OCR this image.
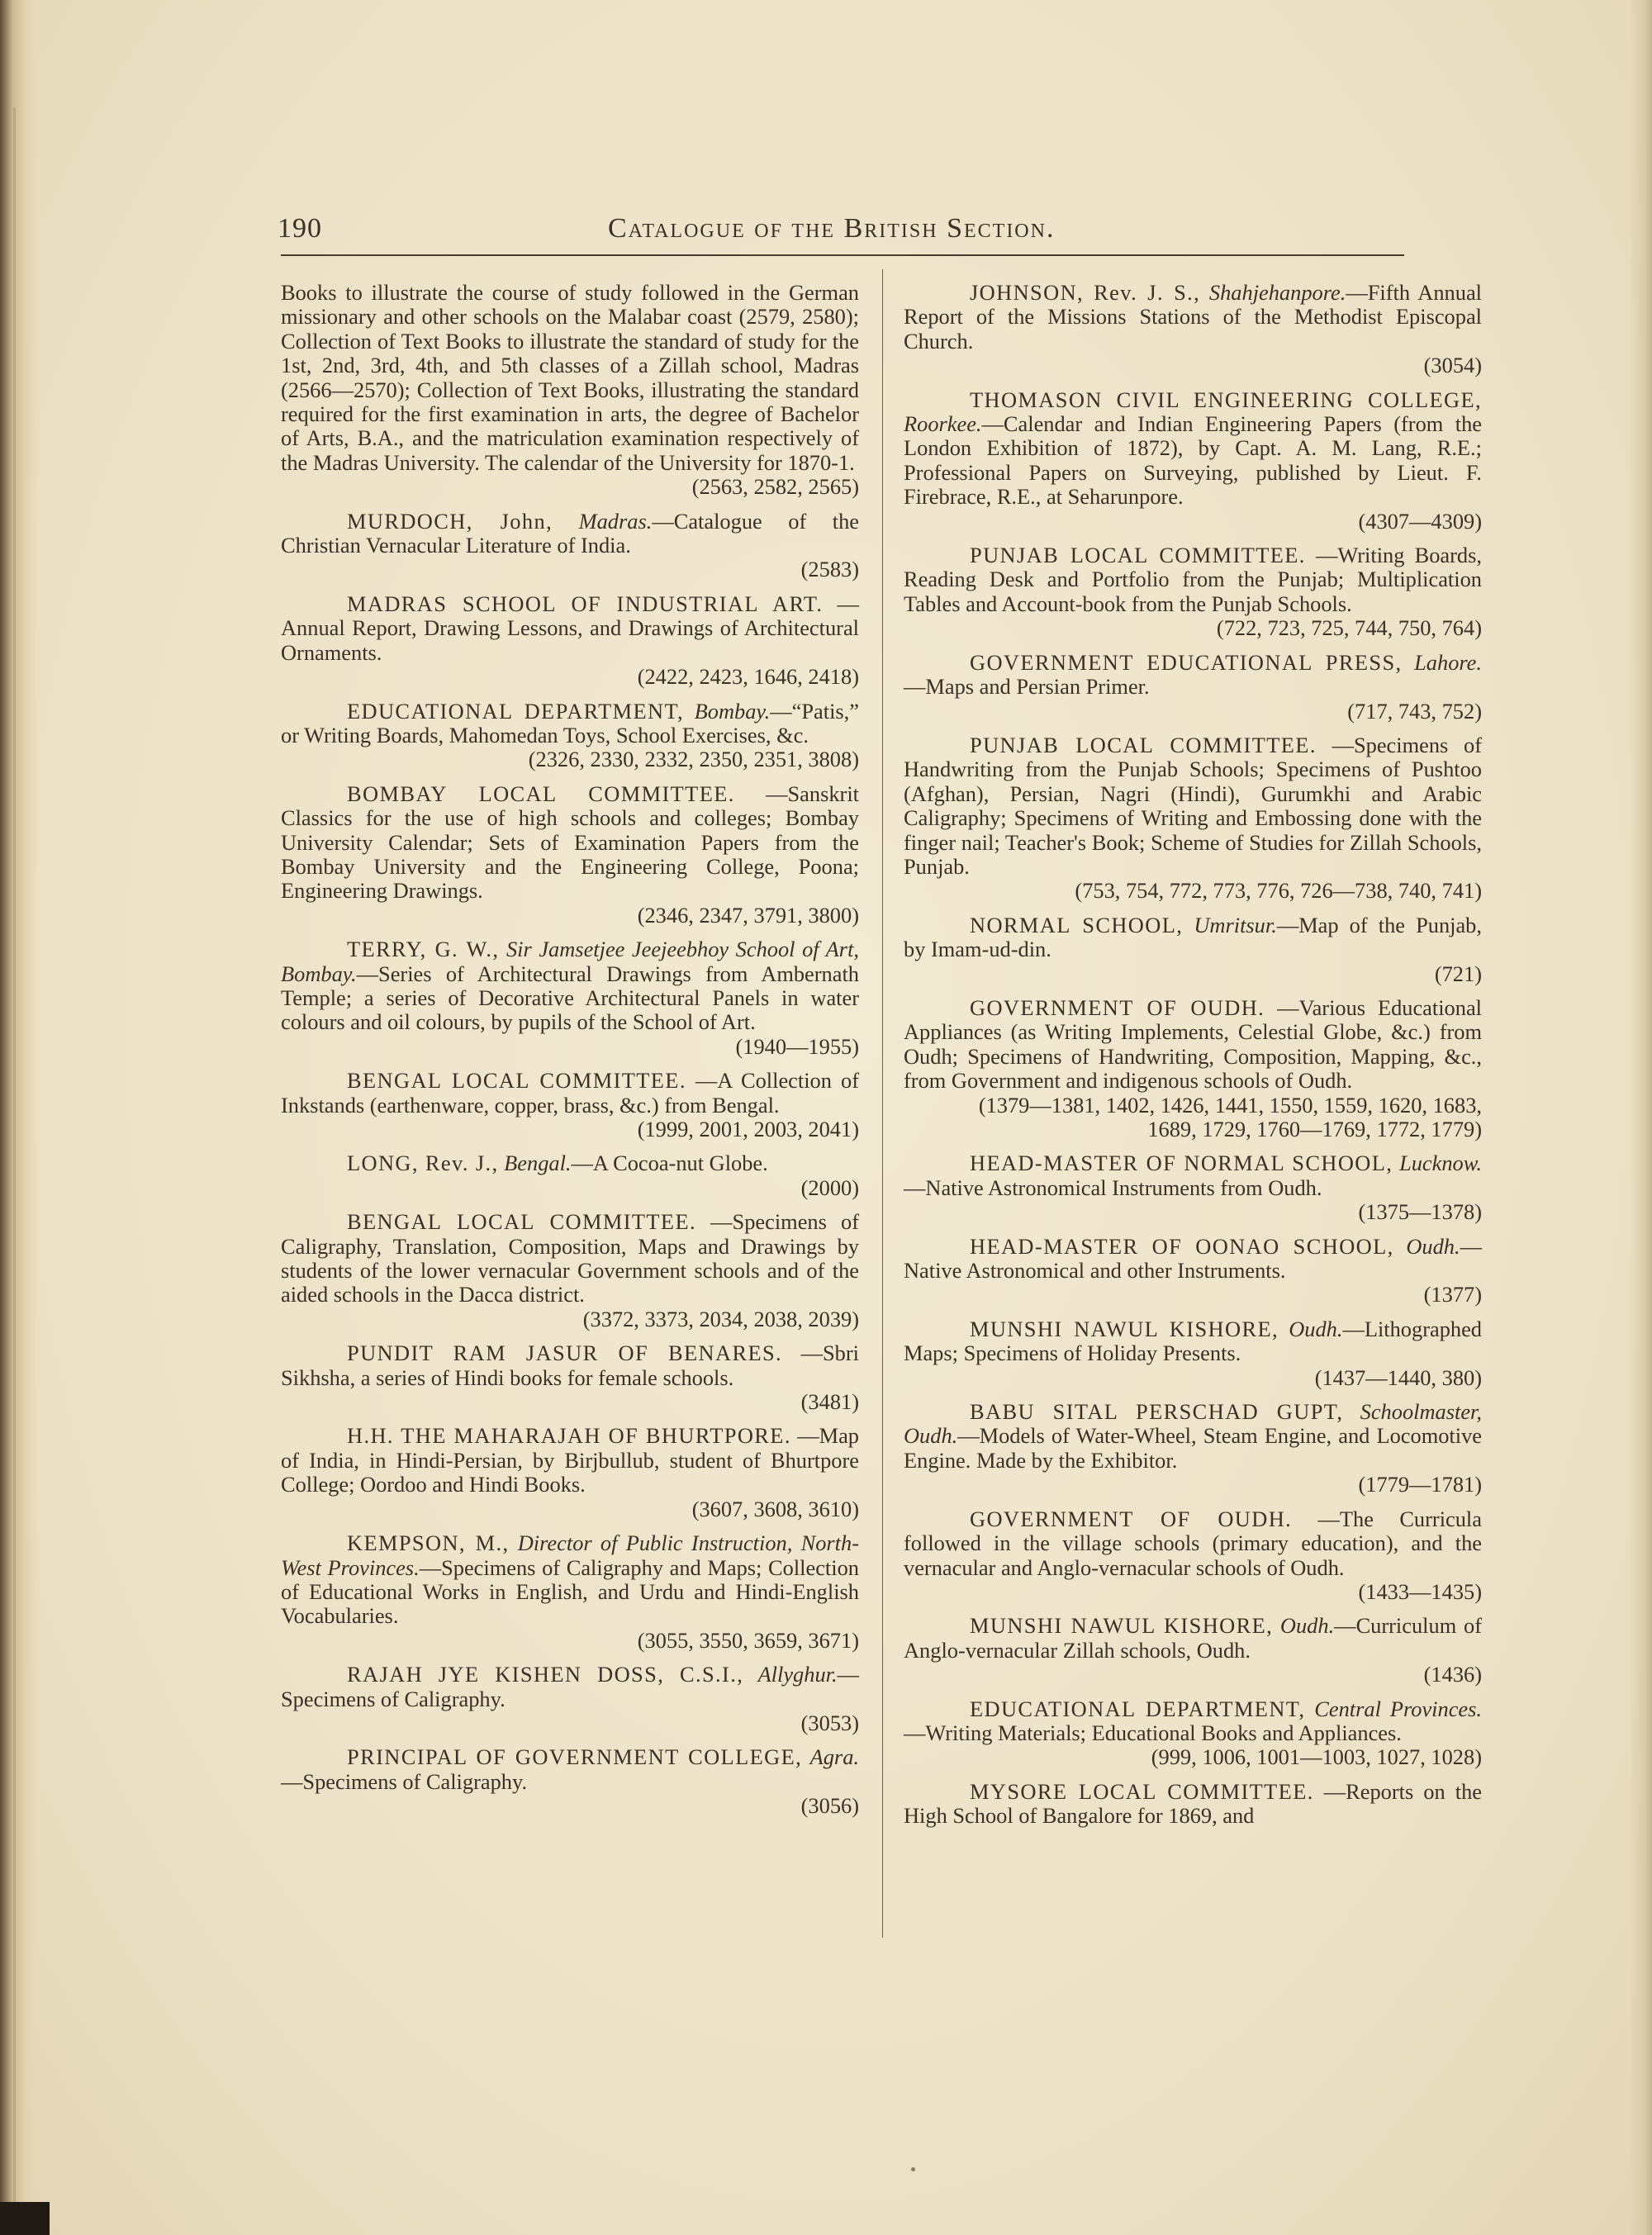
190	Catalogue of the British Section.

Books to illustrate the course of study followed in the German missionary and other schools on the Malabar coast (2579, 2580); Collection of Text Books to illustrate the standard of study for the 1st, 2nd, 3rd, 4th, and 5th classes of a Zillah school, Madras (2566—2570); Collection of Text Books, illustrating the standard required for the first examination in arts, the degree of Bachelor of Arts, B.A., and the matriculation examination respectively of the Madras University. The calendar of the University for 1870-1.
(2563, 2582, 2565)

MURDOCH, John, Madras.—Catalogue of the Christian Vernacular Literature of India.
(2583)

MADRAS SCHOOL OF INDUSTRIAL ART. —Annual Report, Drawing Lessons, and Drawings of Architectural Ornaments.
(2422, 2423, 1646, 2418)

EDUCATIONAL DEPARTMENT, Bombay.—“Patis,” or Writing Boards, Mahomedan Toys, School Exercises, &c.
(2326, 2330, 2332, 2350, 2351, 3808)

BOMBAY LOCAL COMMITTEE. —Sanskrit Classics for the use of high schools and colleges; Bombay University Calendar; Sets of Examination Papers from the Bombay University and the Engineering College, Poona; Engineering Drawings.
(2346, 2347, 3791, 3800)

TERRY, G. W., Sir Jamsetjee Jeejeebhoy School of Art, Bombay.—Series of Architectural Drawings from Ambernath Temple; a series of Decorative Architectural Panels in water colours and oil colours, by pupils of the School of Art.
(1940—1955)

BENGAL LOCAL COMMITTEE. —A Collection of Inkstands (earthenware, copper, brass, &c.) from Bengal.
(1999, 2001, 2003, 2041)

LONG, Rev. J., Bengal.—A Cocoa-nut Globe.
(2000)

BENGAL LOCAL COMMITTEE. —Specimens of Caligraphy, Translation, Composition, Maps and Drawings by students of the lower vernacular Government schools and of the aided schools in the Dacca district.
(3372, 3373, 2034, 2038, 2039)

PUNDIT RAM JASUR OF BENARES. —Sbri Sikhsha, a series of Hindi books for female schools.
(3481)

H.H. THE MAHARAJAH OF BHURTPORE. —Map of India, in Hindi-Persian, by Birjbullub, student of Bhurtpore College; Oordoo and Hindi Books.
(3607, 3608, 3610)

KEMPSON, M., Director of Public Instruction, North-West Provinces.—Specimens of Caligraphy and Maps; Collection of Educational Works in English, and Urdu and Hindi-English Vocabularies.
(3055, 3550, 3659, 3671)

RAJAH JYE KISHEN DOSS, C.S.I., Allyghur.—Specimens of Caligraphy.
(3053)

PRINCIPAL OF GOVERNMENT COLLEGE, Agra.—Specimens of Caligraphy.
(3056)

JOHNSON, Rev. J. S., Shahjehanpore.—Fifth Annual Report of the Missions Stations of the Methodist Episcopal Church.
(3054)

THOMASON CIVIL ENGINEERING COLLEGE, Roorkee.—Calendar and Indian Engineering Papers (from the London Exhibition of 1872), by Capt. A. M. Lang, R.E.; Professional Papers on Surveying, published by Lieut. F. Firebrace, R.E., at Seharunpore.
(4307—4309)

PUNJAB LOCAL COMMITTEE. —Writing Boards, Reading Desk and Portfolio from the Punjab; Multiplication Tables and Account-book from the Punjab Schools.
(722, 723, 725, 744, 750, 764)

GOVERNMENT EDUCATIONAL PRESS, Lahore.—Maps and Persian Primer.
(717, 743, 752)

PUNJAB LOCAL COMMITTEE. —Specimens of Handwriting from the Punjab Schools; Specimens of Pushtoo (Afghan), Persian, Nagri (Hindi), Gurumkhi and Arabic Caligraphy; Specimens of Writing and Embossing done with the finger nail; Teacher's Book; Scheme of Studies for Zillah Schools, Punjab.
(753, 754, 772, 773, 776, 726—738, 740, 741)

NORMAL SCHOOL, Umritsur.—Map of the Punjab, by Imam-ud-din.
(721)

GOVERNMENT OF OUDH. —Various Educational Appliances (as Writing Implements, Celestial Globe, &c.) from Oudh; Specimens of Handwriting, Composition, Mapping, &c., from Government and indigenous schools of Oudh.
(1379—1381, 1402, 1426, 1441, 1550, 1559, 1620, 1683, 1689, 1729, 1760—1769, 1772, 1779)

HEAD-MASTER OF NORMAL SCHOOL, Lucknow.—Native Astronomical Instruments from Oudh.
(1375—1378)

HEAD-MASTER OF OONAO SCHOOL, Oudh.—Native Astronomical and other Instruments.
(1377)

MUNSHI NAWUL KISHORE, Oudh.—Lithographed Maps; Specimens of Holiday Presents.
(1437—1440, 380)

BABU SITAL PERSCHAD GUPT, Schoolmaster, Oudh.—Models of Water-Wheel, Steam Engine, and Locomotive Engine. Made by the Exhibitor.
(1779—1781)

GOVERNMENT OF OUDH. —The Curricula followed in the village schools (primary education), and the vernacular and Anglo-vernacular schools of Oudh.
(1433—1435)

MUNSHI NAWUL KISHORE, Oudh.—Curriculum of Anglo-vernacular Zillah schools, Oudh.
(1436)

EDUCATIONAL DEPARTMENT, Central Provinces.—Writing Materials; Educational Books and Appliances.
(999, 1006, 1001—1003, 1027, 1028)

MYSORE LOCAL COMMITTEE. —Reports on the High School of Bangalore for 1869, and
